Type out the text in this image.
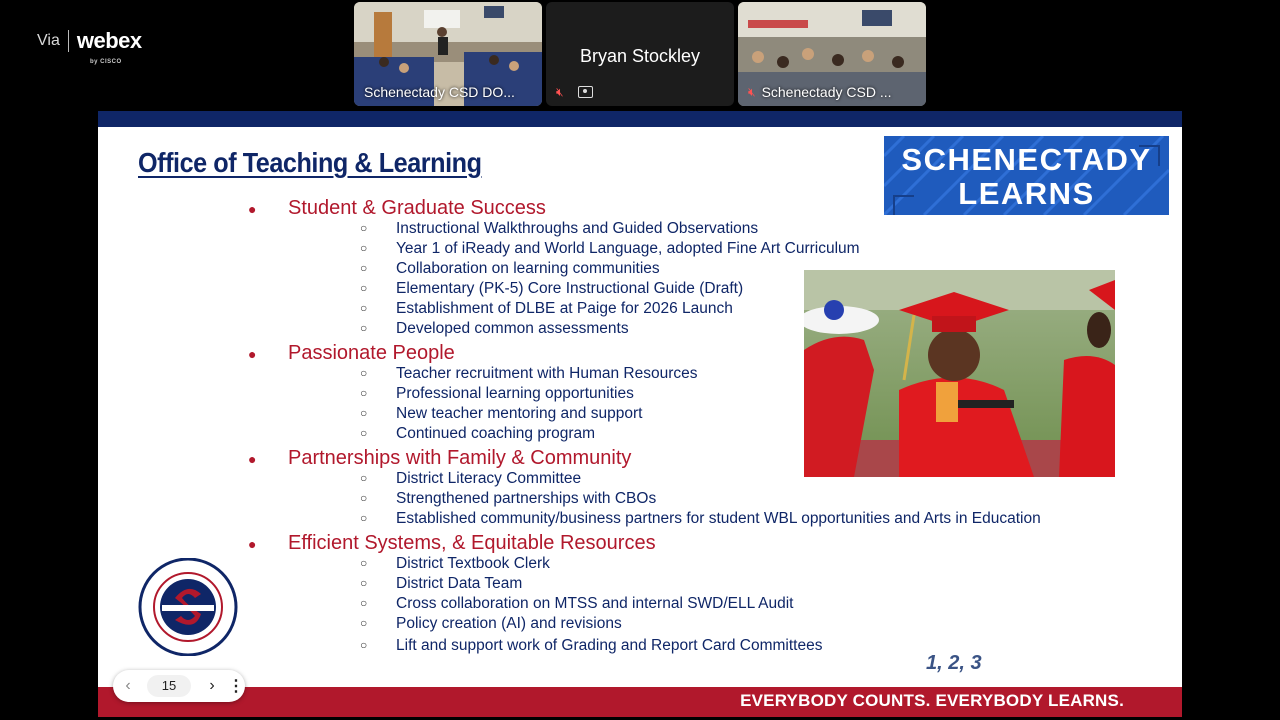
Via webex
by CISCO
Schenectady CSD DO...
Bryan Stockley
🔇︎	🔇︎ Schenectady CSD ...
Office of Teaching & Learning	SCHENECTADY
LEARNS
● Student & Graduate Success
○ Instructional Walkthroughs and Guided Observations
○ Year 1 of iReady and World Language, adopted Fine Art Curriculum
○ Collaboration on learning communities
○ Elementary (PK-5) Core Instructional Guide (Draft)
○ Establishment of DLBE at Paige for 2026 Launch
○ Developed common assessments
● Passionate People
○ Teacher recruitment with Human Resources
○ Professional learning opportunities
○ New teacher mentoring and support
○ Continued coaching program
● Partnerships with Family & Community
○ District Literacy Committee
○ Strengthened partnerships with CBOs
○ Established community/business partners for student WBL opportunities and Arts in Education
● Efficient Systems, & Equitable Resources
○ District Textbook Clerk
○ District Data Team
○ Cross collaboration on MTSS and internal SWD/ELL Audit
○ Policy creation (AI) and revisions
○ Lift and support work of Grading and Report Card Committees
1, 2, 3
EVERYBODY COUNTS. EVERYBODY LEARNS.
‹	15	› ⋮
